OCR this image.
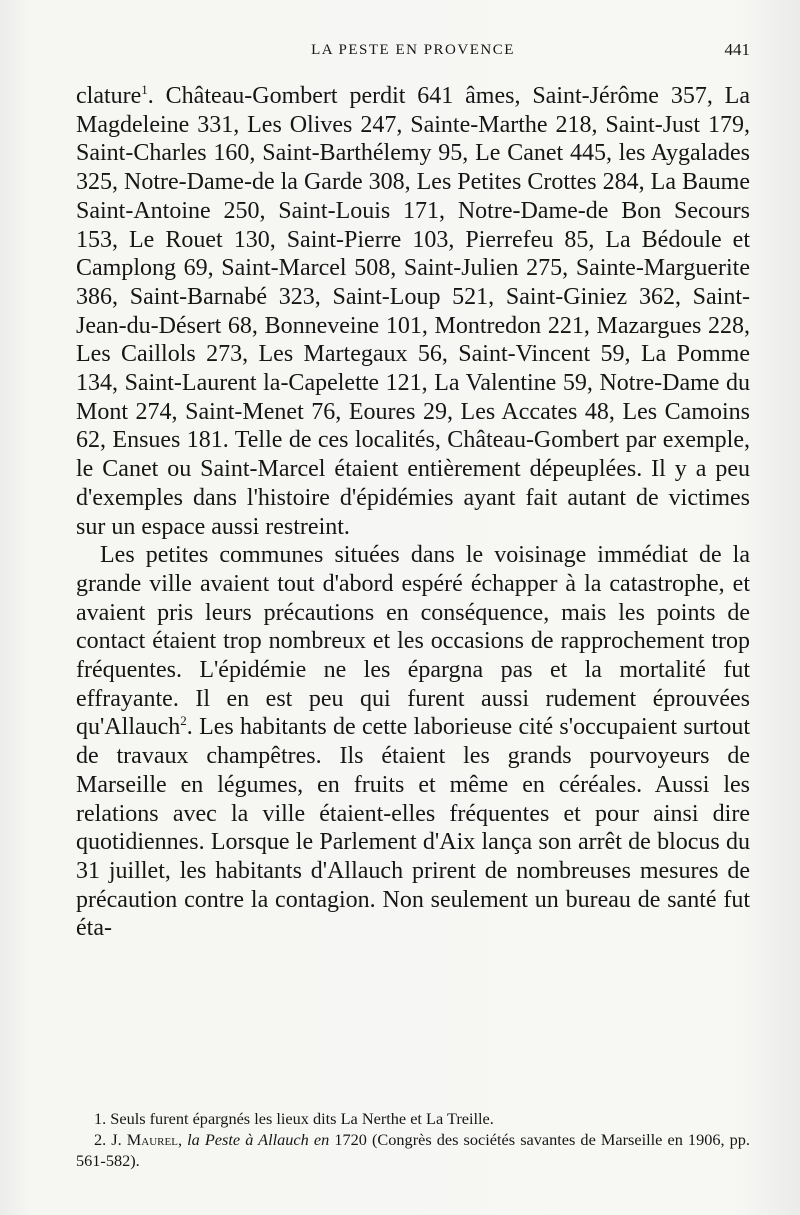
LA PESTE EN PROVENCE	441

clature$^1$. Château-Gombert perdit 641 âmes, Saint-Jérôme 357, La Magdeleine 331, Les Olives 247, Sainte-Marthe 218, Saint-Just 179, Saint-Charles 160, Saint-Barthélemy 95, Le Canet 445, les Aygalades 325, Notre-Dame-de la Garde 308, Les Petites Crottes 284, La Baume Saint-Antoine 250, Saint-Louis 171, Notre-Dame-de Bon Secours 153, Le Rouet 130, Saint-Pierre 103, Pierrefeu 85, La Bédoule et Camplong 69, Saint-Marcel 508, Saint-Julien 275, Sainte-Marguerite 386, Saint-Barnabé 323, Saint-Loup 521, Saint-Giniez 362, Saint-Jean-du-Désert 68, Bonneveine 101, Montredon 221, Mazargues 228, Les Caillols 273, Les Martegaux 56, Saint-Vincent 59, La Pomme 134, Saint-Laurent la-Capelette 121, La Valentine 59, Notre-Dame du Mont 274, Saint-Menet 76, Eoures 29, Les Accates 48, Les Camoins 62, Ensues 181. Telle de ces localités, Château-Gombert par exemple, le Canet ou Saint-Marcel étaient entièrement dépeuplées. Il y a peu d'exemples dans l'histoire d'épidémies ayant fait autant de victimes sur un espace aussi restreint.

Les petites communes situées dans le voisinage immédiat de la grande ville avaient tout d'abord espéré échapper à la catastrophe, et avaient pris leurs précautions en conséquence, mais les points de contact étaient trop nombreux et les occasions de rapprochement trop fréquentes. L'épidémie ne les épargna pas et la mortalité fut effrayante. Il en est peu qui furent aussi rudement éprouvées qu'Allauch$^2$. Les habitants de cette laborieuse cité s'occupaient surtout de travaux champêtres. Ils étaient les grands pourvoyeurs de Marseille en légumes, en fruits et même en céréales. Aussi les relations avec la ville étaient-elles fréquentes et pour ainsi dire quotidiennes. Lorsque le Parlement d'Aix lança son arrêt de blocus du 31 juillet, les habitants d'Allauch prirent de nombreuses mesures de précaution contre la contagion. Non seulement un bureau de santé fut éta-

1. Seuls furent épargnés les lieux dits La Nerthe et La Treille.

2. J. Maurel, la Peste à Allauch en 1720 (Congrès des sociétés savantes de Marseille en 1906, pp. 561-582).
